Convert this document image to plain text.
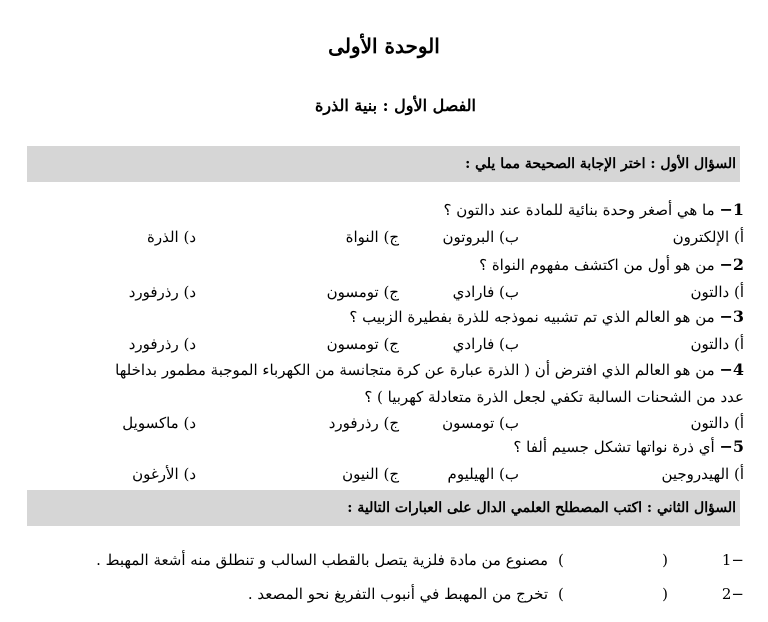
الوحدة الأولى
الفصل الأول : بنية الذرة
السؤال الأول : اختر الإجابة الصحيحة مما يلي :
1− ما هي أصغر وحدة بنائية للمادة عند دالتون ؟
أ) الإلكترون
ب) البروتون
ج) النواة
د) الذرة
2− من هو أول من اكتشف مفهوم النواة ؟
أ) دالتون
ب) فارادي
ج) تومسون
د) رذرفورد
3− من هو العالم الذي تم تشبيه نموذجه للذرة بفطيرة الزبيب ؟
أ) دالتون
ب) فارادي
ج) تومسون
د) رذرفورد
4− من هو العالم الذي افترض أن ( الذرة عبارة عن كرة متجانسة من الكهرباء الموجبة مطمور بداخلها
عدد من الشحنات السالبة تكفي لجعل الذرة متعادلة كهربيا ) ؟
أ) دالتون
ب) تومسون
ج) رذرفورد
د) ماكسويل
5− أي ذرة نواتها تشكل جسيم ألفا ؟
أ) الهيدروجين
ب) الهيليوم
ج) النيون
د) الأرغون
السؤال الثاني : اكتب المصطلح العلمي الدال على العبارات التالية :
−1
(
)
مصنوع من مادة فلزية يتصل بالقطب السالب و تنطلق منه أشعة المهبط .
−2
(
)
تخرج من المهبط في أنبوب التفريغ نحو المصعد .
